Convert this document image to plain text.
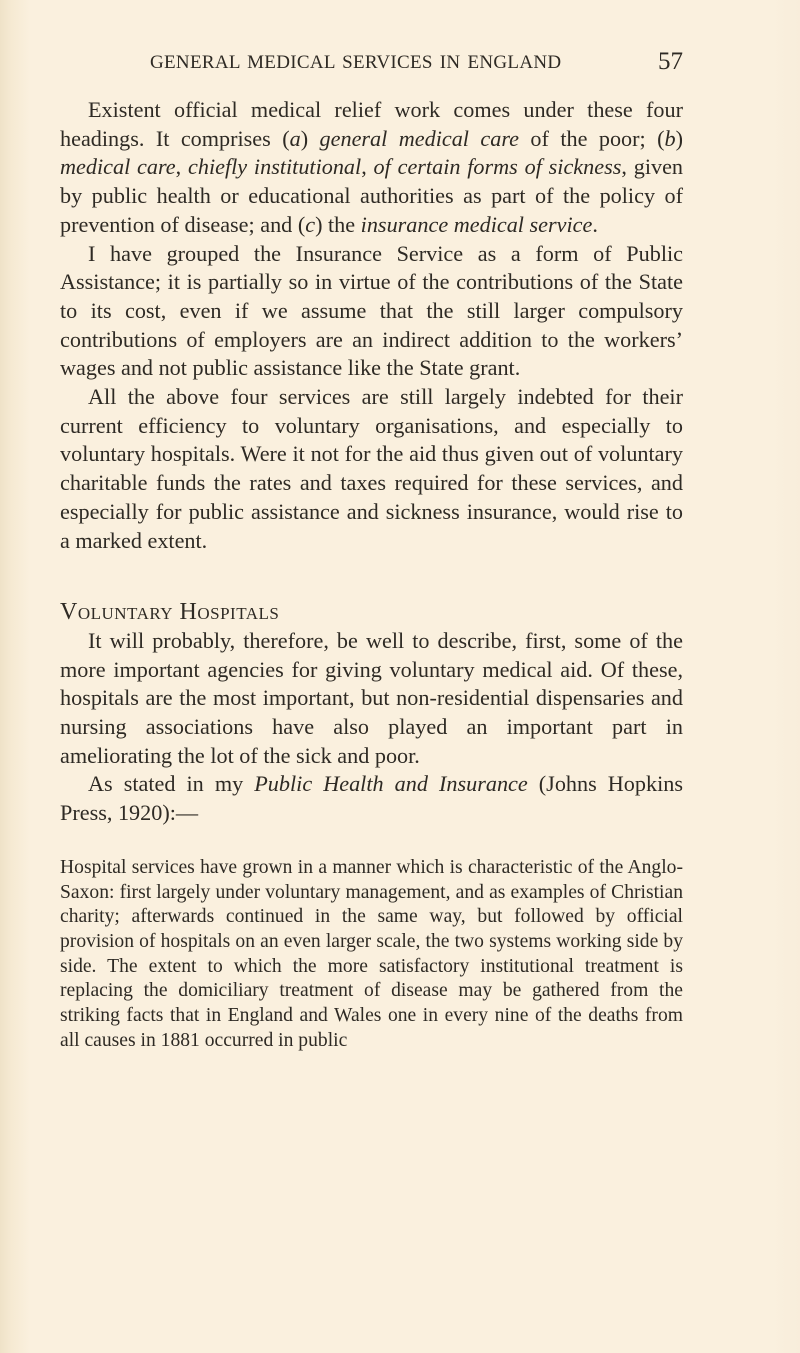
GENERAL MEDICAL SERVICES IN ENGLAND	57

Existent official medical relief work comes under these four headings. It comprises (a) general medical care of the poor; (b) medical care, chiefly institutional, of certain forms of sickness, given by public health or educational authorities as part of the policy of prevention of disease; and (c) the insurance medical service.

I have grouped the Insurance Service as a form of Public Assistance; it is partially so in virtue of the contributions of the State to its cost, even if we assume that the still larger compulsory contributions of employers are an indirect addition to the workers’ wages and not public assistance like the State grant.

All the above four services are still largely indebted for their current efficiency to voluntary organisations, and especially to voluntary hospitals. Were it not for the aid thus given out of voluntary charitable funds the rates and taxes required for these services, and especially for public assistance and sickness insurance, would rise to a marked extent.

Voluntary Hospitals

It will probably, therefore, be well to describe, first, some of the more important agencies for giving voluntary medical aid. Of these, hospitals are the most important, but non-residential dispensaries and nursing associations have also played an important part in ameliorating the lot of the sick and poor.

As stated in my Public Health and Insurance (Johns Hopkins Press, 1920):—

Hospital services have grown in a manner which is characteristic of the Anglo-Saxon: first largely under voluntary management, and as examples of Christian charity; afterwards continued in the same way, but followed by official provision of hospitals on an even larger scale, the two systems working side by side. The extent to which the more satisfactory institutional treatment is replacing the domiciliary treatment of disease may be gathered from the striking facts that in England and Wales one in every nine of the deaths from all causes in 1881 occurred in public
